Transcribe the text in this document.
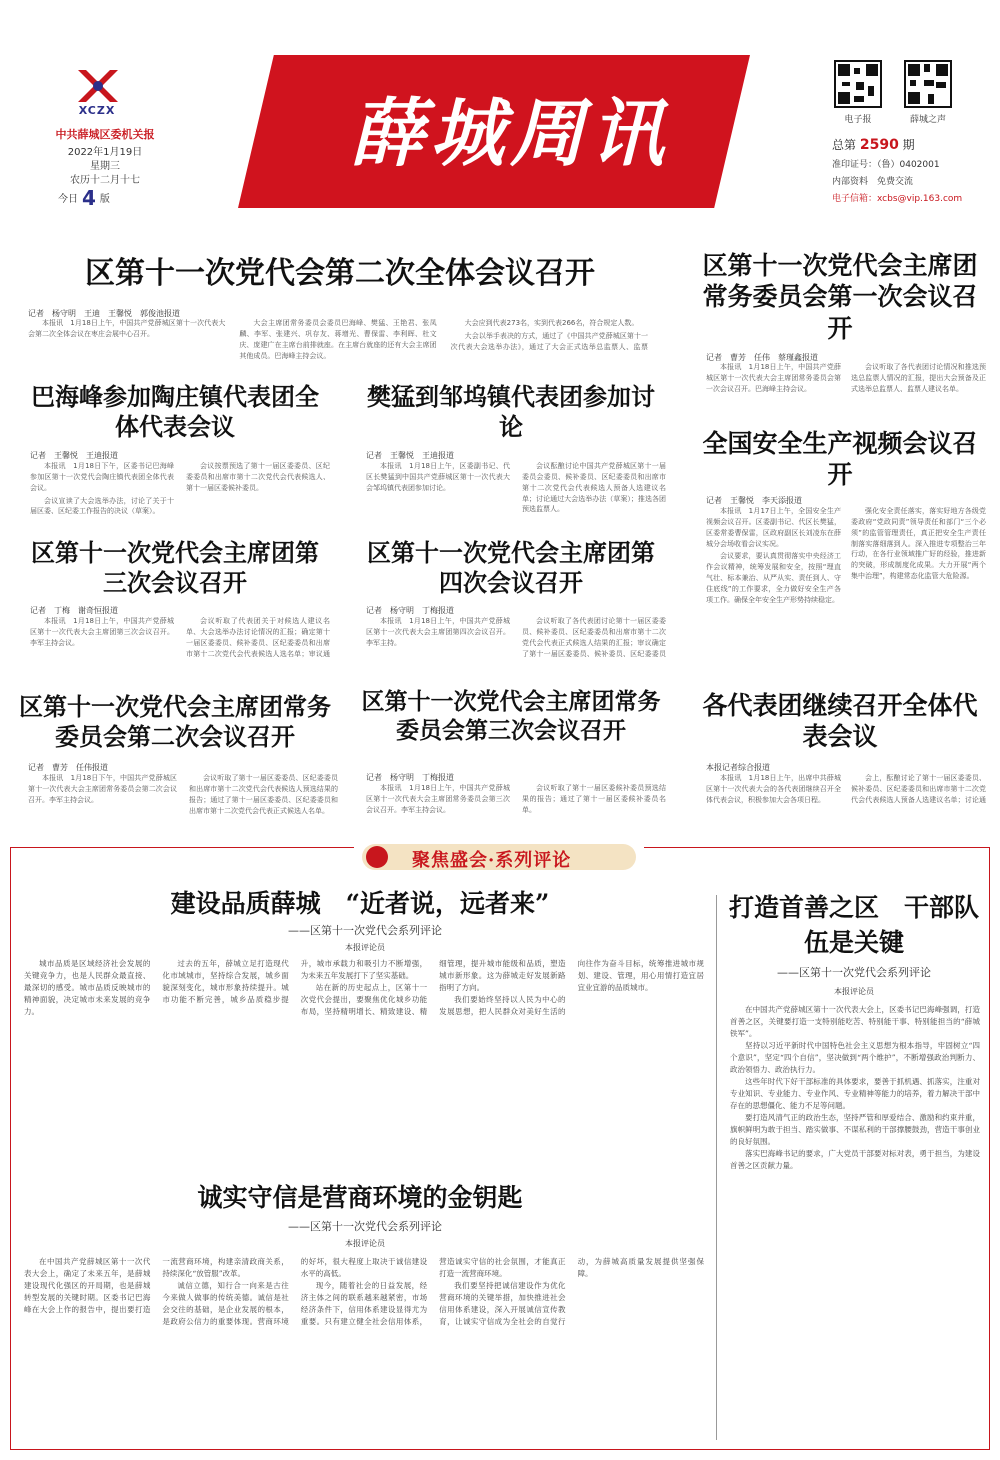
XCZX
中共薛城区委机关报
2022年1月19日
星期三
农历十二月十七
今日 4 版
薛城周讯	电子报	薛城之声
总第 2590 期
准印证号：（鲁）0402001
内部资料　免费交流
电子信箱：xcbs@vip.163.com
区第十一次党代会第二次全体会议召开
记者　杨守明　王迪　王馨悦　郭俊池报道

本报讯　1月18日上午，中国共产党薛城区第十一次代表大会第二次全体会议在枣庄会展中心召开。

大会主席团常务委员会委员巴海峰、樊猛、王艳君、张凤麟、李军、张建兴、巩存友、蒋增光、曹保雷、李利晖、杜文庆、庞建广在主席台前排就座。在主席台就座的还有大会主席团其他成员。巴海峰主持会议。

大会应到代表273名，实到代表266名，符合规定人数。

大会以举手表决的方式，通过了《中国共产党薛城区第十一次代表大会选举办法》，通过了大会正式选举总监票人、监票

区第十一次党代会主席团常务委员会第一次会议召开
记者　曹芳　任伟　蔡瑾鑫报道

本报讯　1月18日上午，中国共产党薛城区第十一次代表大会主席团常务委员会第一次会议召开。巴海峰主持会议。

会议听取了各代表团讨论情况和推选预选总监票人情况的汇报，提出大会预备及正式选举总监票人、监票人建议名单。

巴海峰参加陶庄镇代表团全体代表会议
记者　王馨悦　王迪报道

本报讯　1月18日下午，区委书记巴海峰参加区第十一次党代会陶庄镇代表团全体代表会议。

会议宣读了大会选举办法，讨论了关于十届区委、区纪委工作报告的决议（草案）。

会议按票预选了第十一届区委委员、区纪委委员和出席市第十二次党代会代表候选人、第十一届区委候补委员。

樊猛到邹坞镇代表团参加讨论
记者　王馨悦　王迪报道

本报讯　1月18日上午，区委副书记、代区长樊猛到中国共产党薛城区第十一次代表大会邹坞镇代表团参加讨论。

会议酝酿讨论中国共产党薛城区第十一届委员会委员、候补委员、区纪委委员和出席市第十二次党代会代表候选人预备人选建议名单；讨论通过大会选举办法（草案）；推选各团预选监票人。

全国安全生产视频会议召开
记者　王馨悦　李天添报道

本报讯　1月17日上午，全国安全生产视频会议召开。区委副书记、代区长樊猛，区委常委曹保雷，区政府副区长刘凌东在薛城分会场收看会议实况。

会议要求，要认真贯彻落实中央经济工作会议精神，统筹发展和安全，按照“理直气壮、标本兼治、从严从实、责任到人、守住底线”的工作要求，全力做好安全生产各项工作。确保全年安全生产形势持续稳定。

强化安全责任落实，落实好地方各级党委政府“党政同责”领导责任和部门“三个必须”的监管管理责任，真正把安全生产责任制落实落细落到人。深入推进专项整治三年行动，在各行业领域推广好的经验，推进新的突破，形成制度化成果。大力开展“两个集中治理”，构建常态化监管大危险源。

区第十一次党代会主席团第三次会议召开
记者　丁梅　谢奇恒报道

本报讯　1月18日上午，中国共产党薛城区第十一次代表大会主席团第三次会议召开。李军主持会议。

会议听取了代表团关于对候选人建议名单、大会选举办法讨论情况的汇报；确定第十一届区委委员、候补委员、区纪委委员和出席市第十二次党代会代表候选人选名单；审议通

区第十一次党代会主席团第四次会议召开
记者　杨守明　丁梅报道

本报讯　1月18日上午，中国共产党薛城区第十一次代表大会主席团第四次会议召开。李军主持。

会议听取了各代表团讨论第十一届区委委员、候补委员、区纪委委员和出席市第十二次党代会代表正式候选人结果的汇报；审议确定了第十一届区委委员、候补委员、区纪委委员

区第十一次党代会主席团常务委员会第二次会议召开
记者　曹芳　任伟报道

本报讯　1月18日下午，中国共产党薛城区第十一次代表大会主席团常务委员会第二次会议召开。李军主持会议。

会议听取了第十一届区委委员、区纪委委员和出席市第十二次党代会代表候选人预选结果的报告；通过了第十一届区委委员、区纪委委员和出席市第十二次党代会代表正式候选人名单。

区第十一次党代会主席团常务委员会第三次会议召开
记者　杨守明　丁梅报道

本报讯　1月18日上午，中国共产党薛城区第十一次代表大会主席团常务委员会第三次会议召开。李军主持会议。

会议听取了第十一届区委候补委员预选结果的报告；通过了第十一届区委候补委员名单。

各代表团继续召开全体代表会议
本报记者综合报道

本报讯　1月18日上午，出席中共薛城区第十一次代表大会的各代表团继续召开全体代表会议，积极参加大会各项日程。

会上，酝酿讨论了第十一届区委委员、候补委员、区纪委委员和出席市第十二次党代会代表候选人预备人选建议名单；讨论通

聚焦盛会·系列评论
建设品质薛城　“近者说，远者来”
——区第十一次党代会系列评论
本报评论员

城市品质是区域经济社会发展的关键竞争力，也是人民群众最直接、最深切的感受。城市品质反映城市的精神面貌，决定城市未来发展的竞争力。

过去的五年，薛城立足打造现代化市域城市，坚持综合发展，城乡面貌深刻变化，城市形象持续提升。城市功能不断完善，城乡品质稳步提升，城市承载力和吸引力不断增强，为未来五年发展打下了坚实基础。

站在新的历史起点上，区第十一次党代会提出，要聚焦优化城乡功能布局，坚持精明增长、精致建设、精细管理，提升城市能级和品质，塑造城市新形象。这为薛城走好发展新路指明了方向。

我们要始终坚持以人民为中心的发展思想，把人民群众对美好生活的向往作为奋斗目标，统筹推进城市规划、建设、管理，用心用情打造宜居宜业宜游的品质城市。

打造首善之区　干部队伍是关键
——区第十一次党代会系列评论
本报评论员

在中国共产党薛城区第十一次代表大会上，区委书记巴海峰强调，打造首善之区，关键要打造一支特别能吃苦、特别能干事、特别能担当的“薛城铁军”。

坚持以习近平新时代中国特色社会主义思想为根本指导，牢固树立“四个意识”，坚定“四个自信”，坚决做到“两个维护”，不断增强政治判断力、政治领悟力、政治执行力。

这些年时代下好干部标准的具体要求，要善于抓机遇、抓落实，注重对专业知识、专业能力、专业作风、专业精神等能力的培养，着力解决干部中存在的思想僵化、能力不足等问题。

要打造风清气正的政治生态，坚持严管和厚爱结合、激励和约束并重，旗帜鲜明为敢于担当、踏实做事、不谋私利的干部撑腰鼓劲，营造干事创业的良好氛围。

落实巴海峰书记的要求，广大党员干部要对标对表，勇于担当，为建设首善之区贡献力量。

诚实守信是营商环境的金钥匙
——区第十一次党代会系列评论
本报评论员

在中国共产党薛城区第十一次代表大会上，确定了未来五年，是薛城建设现代化强区的开局期，也是薛城转型发展的关键时期。区委书记巴海峰在大会上作的报告中，提出要打造一流营商环境，构建亲清政商关系，持续深化“放管服”改革。

诚信立德，知行合一向来是古往今来做人做事的传统美德。诚信是社会交往的基础，是企业发展的根本，是政府公信力的重要体现。营商环境的好坏，很大程度上取决于诚信建设水平的高低。

现今，随着社会的日益发展，经济主体之间的联系越来越紧密，市场经济条件下，信用体系建设显得尤为重要。只有建立健全社会信用体系，营造诚实守信的社会氛围，才能真正打造一流营商环境。

我们要坚持把诚信建设作为优化营商环境的关键举措，加快推进社会信用体系建设，深入开展诚信宣传教育，让诚实守信成为全社会的自觉行动，为薛城高质量发展提供坚强保障。
